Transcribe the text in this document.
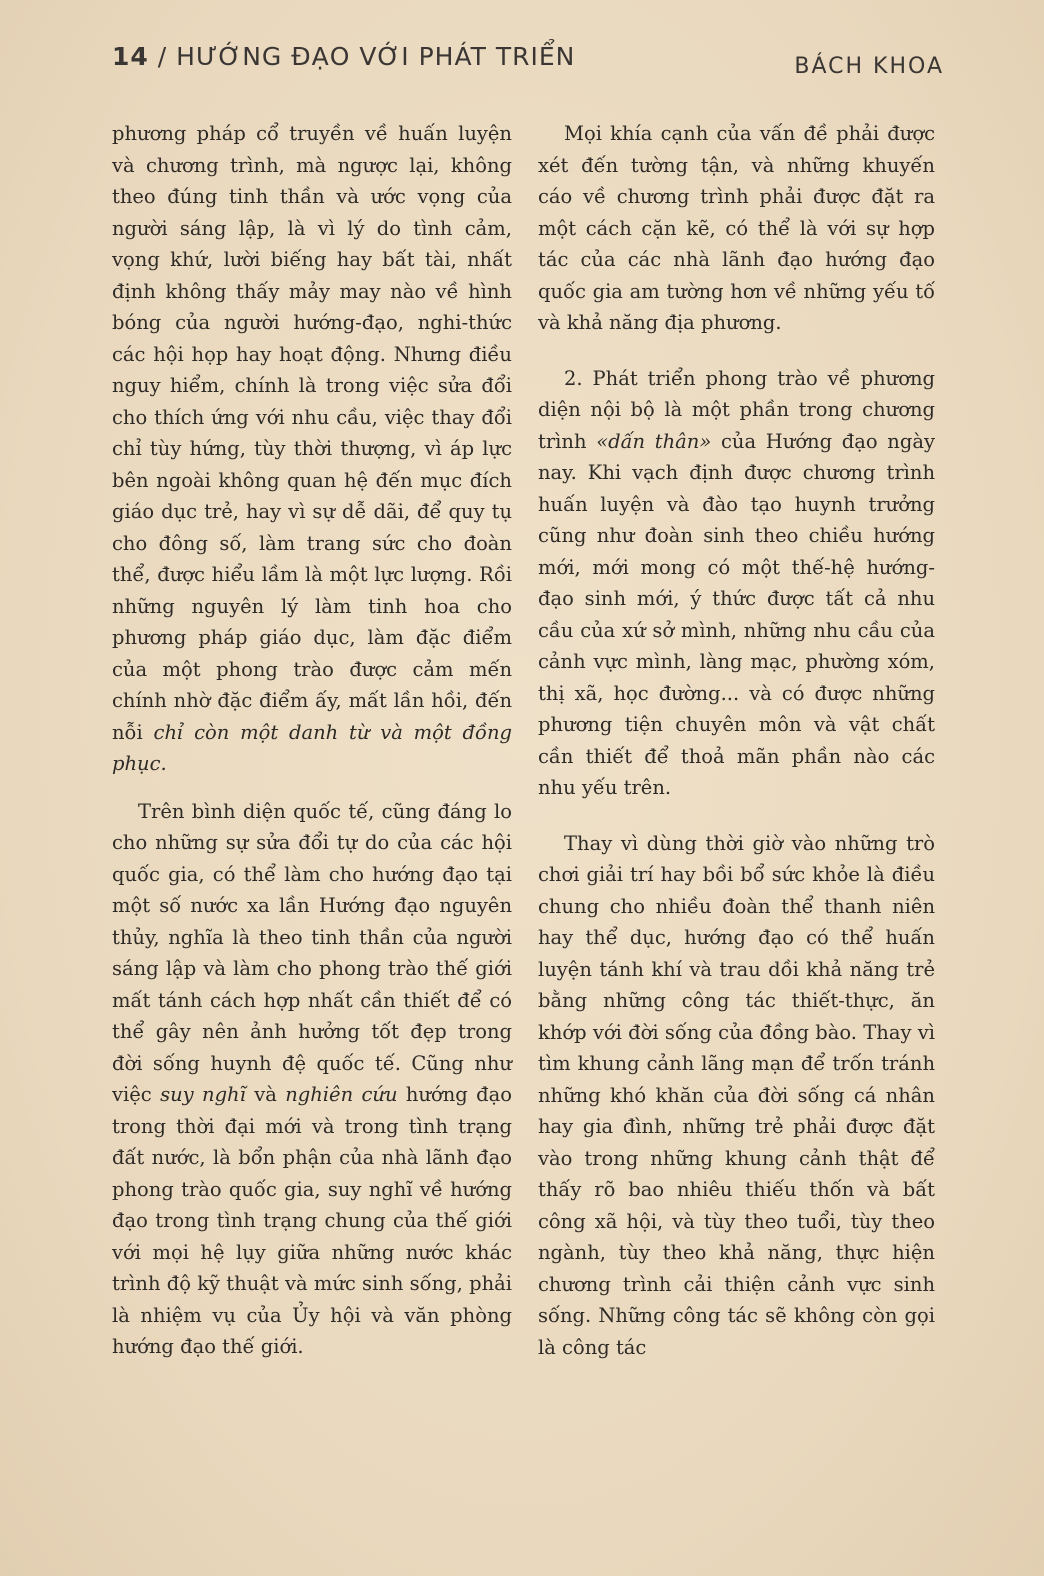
14 / HƯỚNG ĐẠO VỚI PHÁT TRIỂN	BÁCH KHOA

phương pháp cổ truyền về huấn luyện và chương trình, mà ngược lại, không theo đúng tinh thần và ước vọng của người sáng lập, là vì lý do tình cảm, vọng khứ, lười biếng hay bất tài, nhất định không thấy mảy may nào về hình bóng của người hướng-đạo, nghi-thức các hội họp hay hoạt động. Nhưng điều nguy hiểm, chính là trong việc sửa đổi cho thích ứng với nhu cầu, việc thay đổi chỉ tùy hứng, tùy thời thượng, vì áp lực bên ngoài không quan hệ đến mục đích giáo dục trẻ, hay vì sự dễ dãi, để quy tụ cho đông số, làm trang sức cho đoàn thể, được hiểu lầm là một lực lượng. Rồi những nguyên lý làm tinh hoa cho phương pháp giáo dục, làm đặc điểm của một phong trào được cảm mến chính nhờ đặc điểm ấy, mất lần hồi, đến nỗi chỉ còn một danh từ và một đồng phục.

Trên bình diện quốc tế, cũng đáng lo cho những sự sửa đổi tự do của các hội quốc gia, có thể làm cho hướng đạo tại một số nước xa lần Hướng đạo nguyên thủy, nghĩa là theo tinh thần của người sáng lập và làm cho phong trào thế giới mất tánh cách hợp nhất cần thiết để có thể gây nên ảnh hưởng tốt đẹp trong đời sống huynh đệ quốc tế. Cũng như việc suy nghĩ và nghiên cứu hướng đạo trong thời đại mới và trong tình trạng đất nước, là bổn phận của nhà lãnh đạo phong trào quốc gia, suy nghĩ về hướng đạo trong tình trạng chung của thế giới với mọi hệ lụy giữa những nước khác trình độ kỹ thuật và mức sinh sống, phải là nhiệm vụ của Ủy hội và văn phòng hướng đạo thế giới.

Mọi khía cạnh của vấn đề phải được xét đến tường tận, và những khuyến cáo về chương trình phải được đặt ra một cách cặn kẽ, có thể là với sự hợp tác của các nhà lãnh đạo hướng đạo quốc gia am tường hơn về những yếu tố và khả năng địa phương.

2. Phát triển phong trào về phương diện nội bộ là một phần trong chương trình «dấn thân» của Hướng đạo ngày nay. Khi vạch định được chương trình huấn luyện và đào tạo huynh trưởng cũng như đoàn sinh theo chiều hướng mới, mới mong có một thế-hệ hướng-đạo sinh mới, ý thức được tất cả nhu cầu của xứ sở mình, những nhu cầu của cảnh vực mình, làng mạc, phường xóm, thị xã, học đường... và có được những phương tiện chuyên môn và vật chất cần thiết để thoả mãn phần nào các nhu yếu trên.

Thay vì dùng thời giờ vào những trò chơi giải trí hay bồi bổ sức khỏe là điều chung cho nhiều đoàn thể thanh niên hay thể dục, hướng đạo có thể huấn luyện tánh khí và trau dồi khả năng trẻ bằng những công tác thiết-thực, ăn khớp với đời sống của đồng bào. Thay vì tìm khung cảnh lãng mạn để trốn tránh những khó khăn của đời sống cá nhân hay gia đình, những trẻ phải được đặt vào trong những khung cảnh thật để thấy rõ bao nhiêu thiếu thốn và bất công xã hội, và tùy theo tuổi, tùy theo ngành, tùy theo khả năng, thực hiện chương trình cải thiện cảnh vực sinh sống. Những công tác sẽ không còn gọi là công tác
